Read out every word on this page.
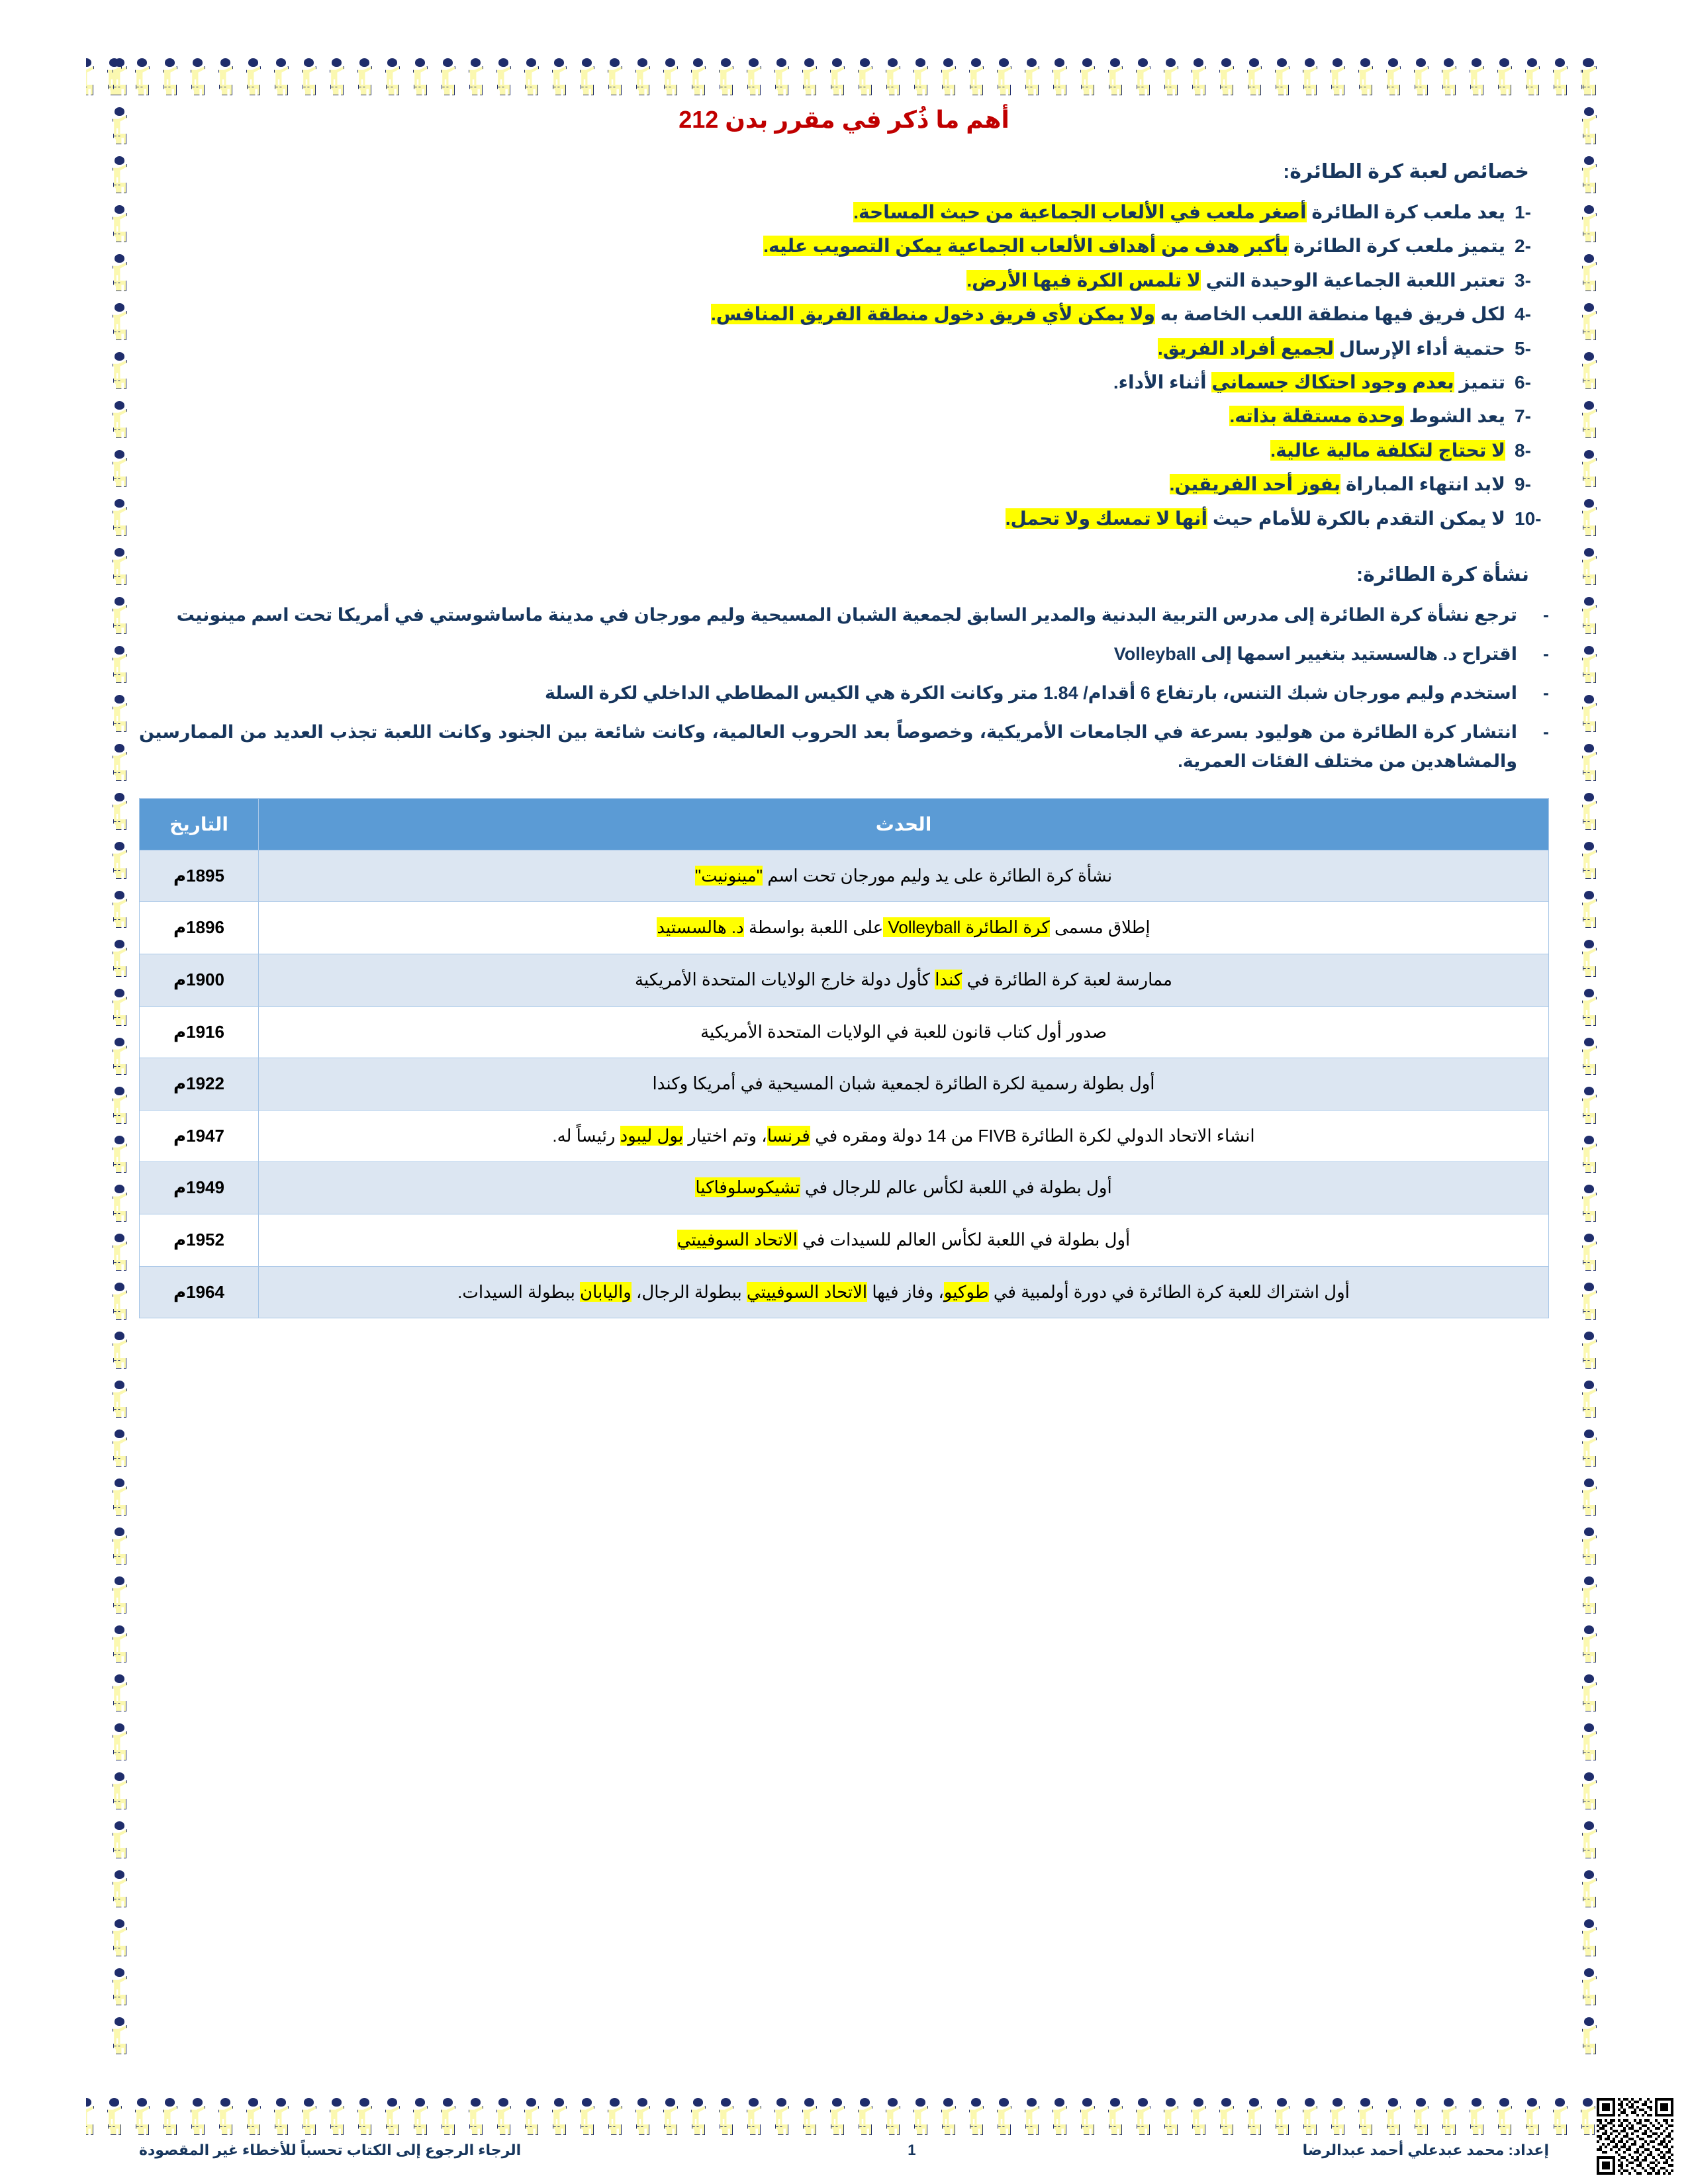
أهم ما ذُكر في مقرر بدن 212
خصائص لعبة كرة الطائرة:
1-
يعد ملعب كرة الطائرة أصغر ملعب في الألعاب الجماعية من حيث المساحة.
2-
يتميز ملعب كرة الطائرة بأكبر هدف من أهداف الألعاب الجماعية يمكن التصويب عليه.
3-
تعتبر اللعبة الجماعية الوحيدة التي لا تلمس الكرة فيها الأرض.
4-
لكل فريق فيها منطقة اللعب الخاصة به ولا يمكن لأي فريق دخول منطقة الفريق المنافس.
5-
حتمية أداء الإرسال لجميع أفراد الفريق.
6-
تتميز بعدم وجود احتكاك جسماني أثناء الأداء.
7-
يعد الشوط وحدة مستقلة بذاته.
8-
لا تحتاج لتكلفة مالية عالية.
9-
لابد انتهاء المباراة بفوز أحد الفريقين.
10-
لا يمكن التقدم بالكرة للأمام حيث أنها لا تمسك ولا تحمل.
نشأة كرة الطائرة:
-
ترجع نشأة كرة الطائرة إلى مدرس التربية البدنية والمدير السابق لجمعية الشبان المسيحية وليم مورجان في مدينة ماساشوستي في أمريكا تحت اسم مينونيت
-
اقتراح د. هالسستيد بتغيير اسمها إلى Volleyball
-
استخدم وليم مورجان شبك التنس، بارتفاع 6 أقدام/ 1.84 متر وكانت الكرة هي الكيس المطاطي الداخلي لكرة السلة
-
انتشار كرة الطائرة من هوليود بسرعة في الجامعات الأمريكية، وخصوصاً بعد الحروب العالمية، وكانت شائعة بين الجنود وكانت اللعبة تجذب العديد من الممارسين والمشاهدين من مختلف الفئات العمرية.
الحدث	التاريخ
نشأة كرة الطائرة على يد وليم مورجان تحت اسم "مينونيت"	1895م
إطلاق مسمى كرة الطائرة Volleyball على اللعبة بواسطة د. هالسستيد	1896م
ممارسة لعبة كرة الطائرة في كندا كأول دولة خارج الولايات المتحدة الأمريكية	1900م
صدور أول كتاب قانون للعبة في الولايات المتحدة الأمريكية	1916م
أول بطولة رسمية لكرة الطائرة لجمعية شبان المسيحية في أمريكا وكندا	1922م
انشاء الاتحاد الدولي لكرة الطائرة FIVB من 14 دولة ومقره في فرنسا، وتم اختيار بول ليبود رئيساً له.	1947م
أول بطولة في اللعبة لكأس عالم للرجال في تشيكوسلوفاكيا	1949م
أول بطولة في اللعبة لكأس العالم للسيدات في الاتحاد السوفييتي	1952م
أول اشتراك للعبة كرة الطائرة في دورة أولمبية في طوكيو، وفاز فيها الاتحاد السوفييتي ببطولة الرجال، واليابان ببطولة السيدات.	1964م
الرجاء الرجوع إلى الكتاب تحسباً للأخطاء غير المقصودة	1	إعداد: محمد عبدعلي أحمد عبدالرضا
